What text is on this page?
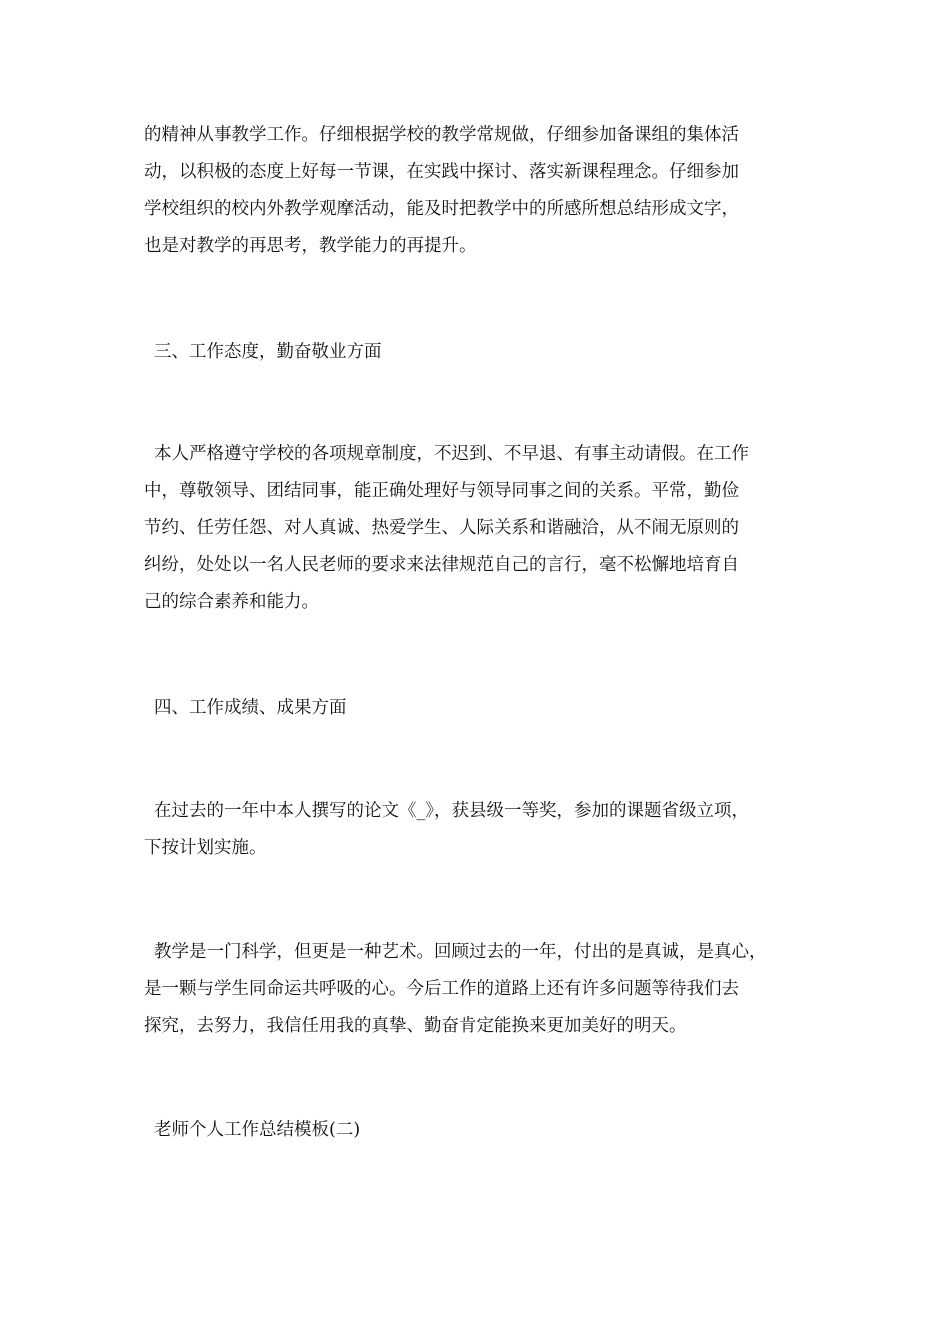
的精神从事教学工作。仔细根据学校的教学常规做，仔细参加备课组的集体活
动，以积极的态度上好每一节课，在实践中探讨、落实新课程理念。仔细参加
学校组织的校内外教学观摩活动，能及时把教学中的所感所想总结形成文字，
也是对教学的再思考，教学能力的再提升。
三、工作态度，勤奋敬业方面
本人严格遵守学校的各项规章制度，不迟到、不早退、有事主动请假。在工作
中，尊敬领导、团结同事，能正确处理好与领导同事之间的关系。平常，勤俭
节约、任劳任怨、对人真诚、热爱学生、人际关系和谐融洽，从不闹无原则的
纠纷，处处以一名人民老师的要求来法律规范自己的言行，毫不松懈地培育自
己的综合素养和能力。
四、工作成绩、成果方面
在过去的一年中本人撰写的论文《_》，获县级一等奖，参加的课题省级立项，
下按计划实施。
教学是一门科学，但更是一种艺术。回顾过去的一年，付出的是真诚，是真心，
是一颗与学生同命运共呼吸的心。今后工作的道路上还有许多问题等待我们去
探究，去努力，我信任用我的真挚、勤奋肯定能换来更加美好的明天。
老师个人工作总结模板(二)
